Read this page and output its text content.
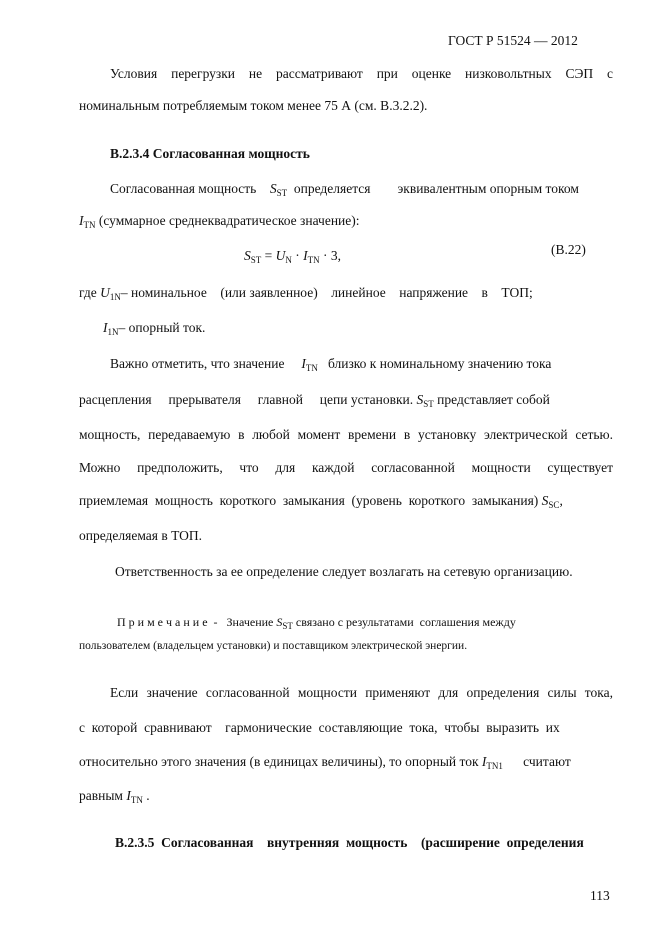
ГОСТ Р 51524 — 2012
Условия перегрузки не рассматривают при оценке низковольтных СЭП с
номинальным потребляемым током менее 75 А (см. В.3.2.2).
В.2.3.4 Согласованная мощность
Согласованная мощность $S_{ST}$ определяется эквивалентным опорным током
$I_{TN}$ (суммарное среднеквадратическое значение):
$S_{ST} = U_N \cdot I_{TN} \cdot 3$,	(В.22)
где $U_{1N}-$ номинальное    (или заявленное)    линейное    напряжение    в    ТОП;
$I_{1N}-$ опорный ток.
Важно отметить, что значение $I_{TN}$ близко к номинальному значению тока
расцепления     прерывателя     главной     цепи установки. $S_{ST}$ представляет собой
мощность, передаваемую в любой момент времени в установку электрической сетью.
Можно предположить, что для каждой согласованной мощности существует
приемлемая  мощность  короткого  замыкания  (уровень  короткого  замыкания) $S_{SC}$,
определяемая в ТОП.
Ответственность за ее определение следует возлагать на сетевую организацию.
П р и м е ч а н и е  - Значение $S_{ST}$ связано с результатами  соглашения между
пользователем (владельцем установки) и поставщиком электрической энергии.
Если значение согласованной мощности применяют для определения силы тока,
с  которой  сравнивают    гармонические  составляющие  тока,  чтобы  выразить  их
относительно этого значения (в единицах величины), то опорный ток $I_{TN1}$ считают
равным $I_{TN}$ .
В.2.3.5  Согласованная    внутренняя  мощность    (расширение  определения
113
